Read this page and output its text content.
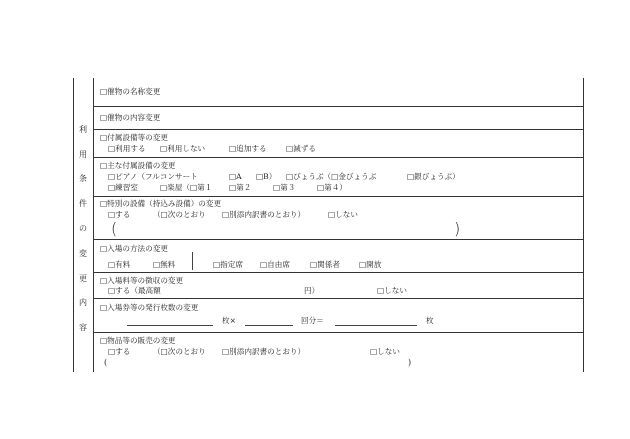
利
用
条
件
の
変
更
内
容
□催物の名称変更
□催物の内容変更
□付属設備等の変更
□利用する □利用しない	□追加する	□減ずる
□主な付属設備の変更
□ピアノ（フルコンサート	□A □B） □びょうぶ（□金びょうぶ	□銀びょうぶ）
□練習室	□楽屋（□第１ □第２	□第３	□第４）
□特別の設備（持込み設備）の変更
□する	（□次のとおり □別添内訳書のとおり）	□しない
(	)
□入場の方法の変更
□有料	□無料	□指定席 □自由席	□関係者	□開放
□入場料等の徴収の変更
□する（最高額	円）	□しない
□入場券等の発行枚数の変更
枚×	回分＝	枚
□物品等の販売の変更
□する	（□次のとおり □別添内訳書のとおり）	□しない
(	)
